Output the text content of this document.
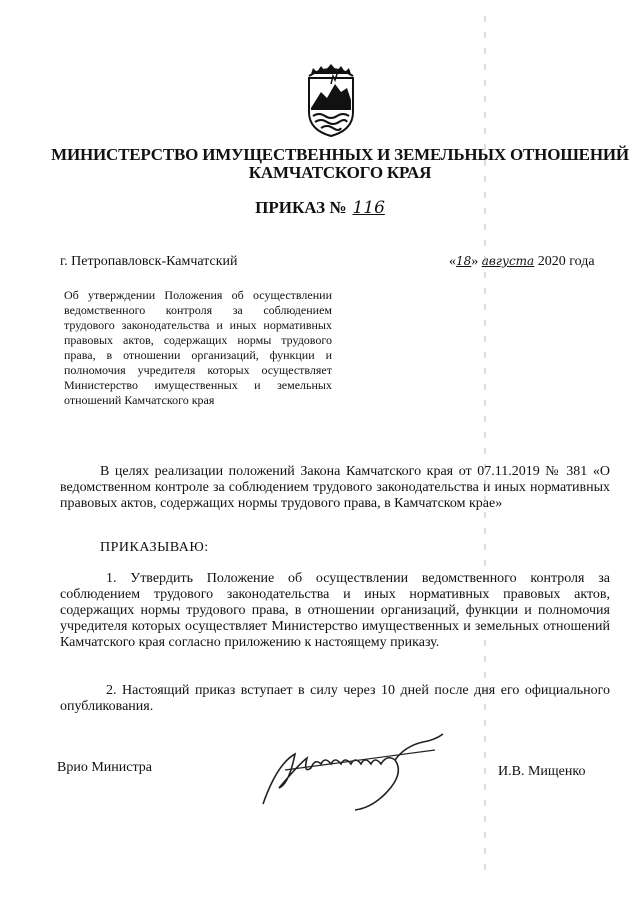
МИНИСТЕРСТВО ИМУЩЕСТВЕННЫХ И ЗЕМЕЛЬНЫХ ОТНОШЕНИЙ
КАМЧАТСКОГО КРАЯ
ПРИКАЗ № 116
г. Петропавловск-Камчатский	«18» августа 2020 года
Об утверждении Положения об осуществлении ведомственного контроля за соблюдением трудового законодательства и иных нормативных правовых актов, содержащих нормы трудового права, в отношении организаций, функции и полномочия учредителя которых осуществляет Министерство имущественных и земельных отношений Камчатского края
В целях реализации положений Закона Камчатского края от 07.11.2019 № 381 «О ведомственном контроле за соблюдением трудового законодательства и иных нормативных правовых актов, содержащих нормы трудового права, в Камчатском крае»
ПРИКАЗЫВАЮ:
1. Утвердить Положение об осуществлении ведомственного контроля за соблюдением трудового законодательства и иных нормативных правовых актов, содержащих нормы трудового права, в отношении организаций, функции и полномочия учредителя которых осуществляет Министерство имущественных и земельных отношений Камчатского края согласно приложению к настоящему приказу.
2. Настоящий приказ вступает в силу через 10 дней после дня его официального опубликования.
Врио Министра	И.В. Мищенко
